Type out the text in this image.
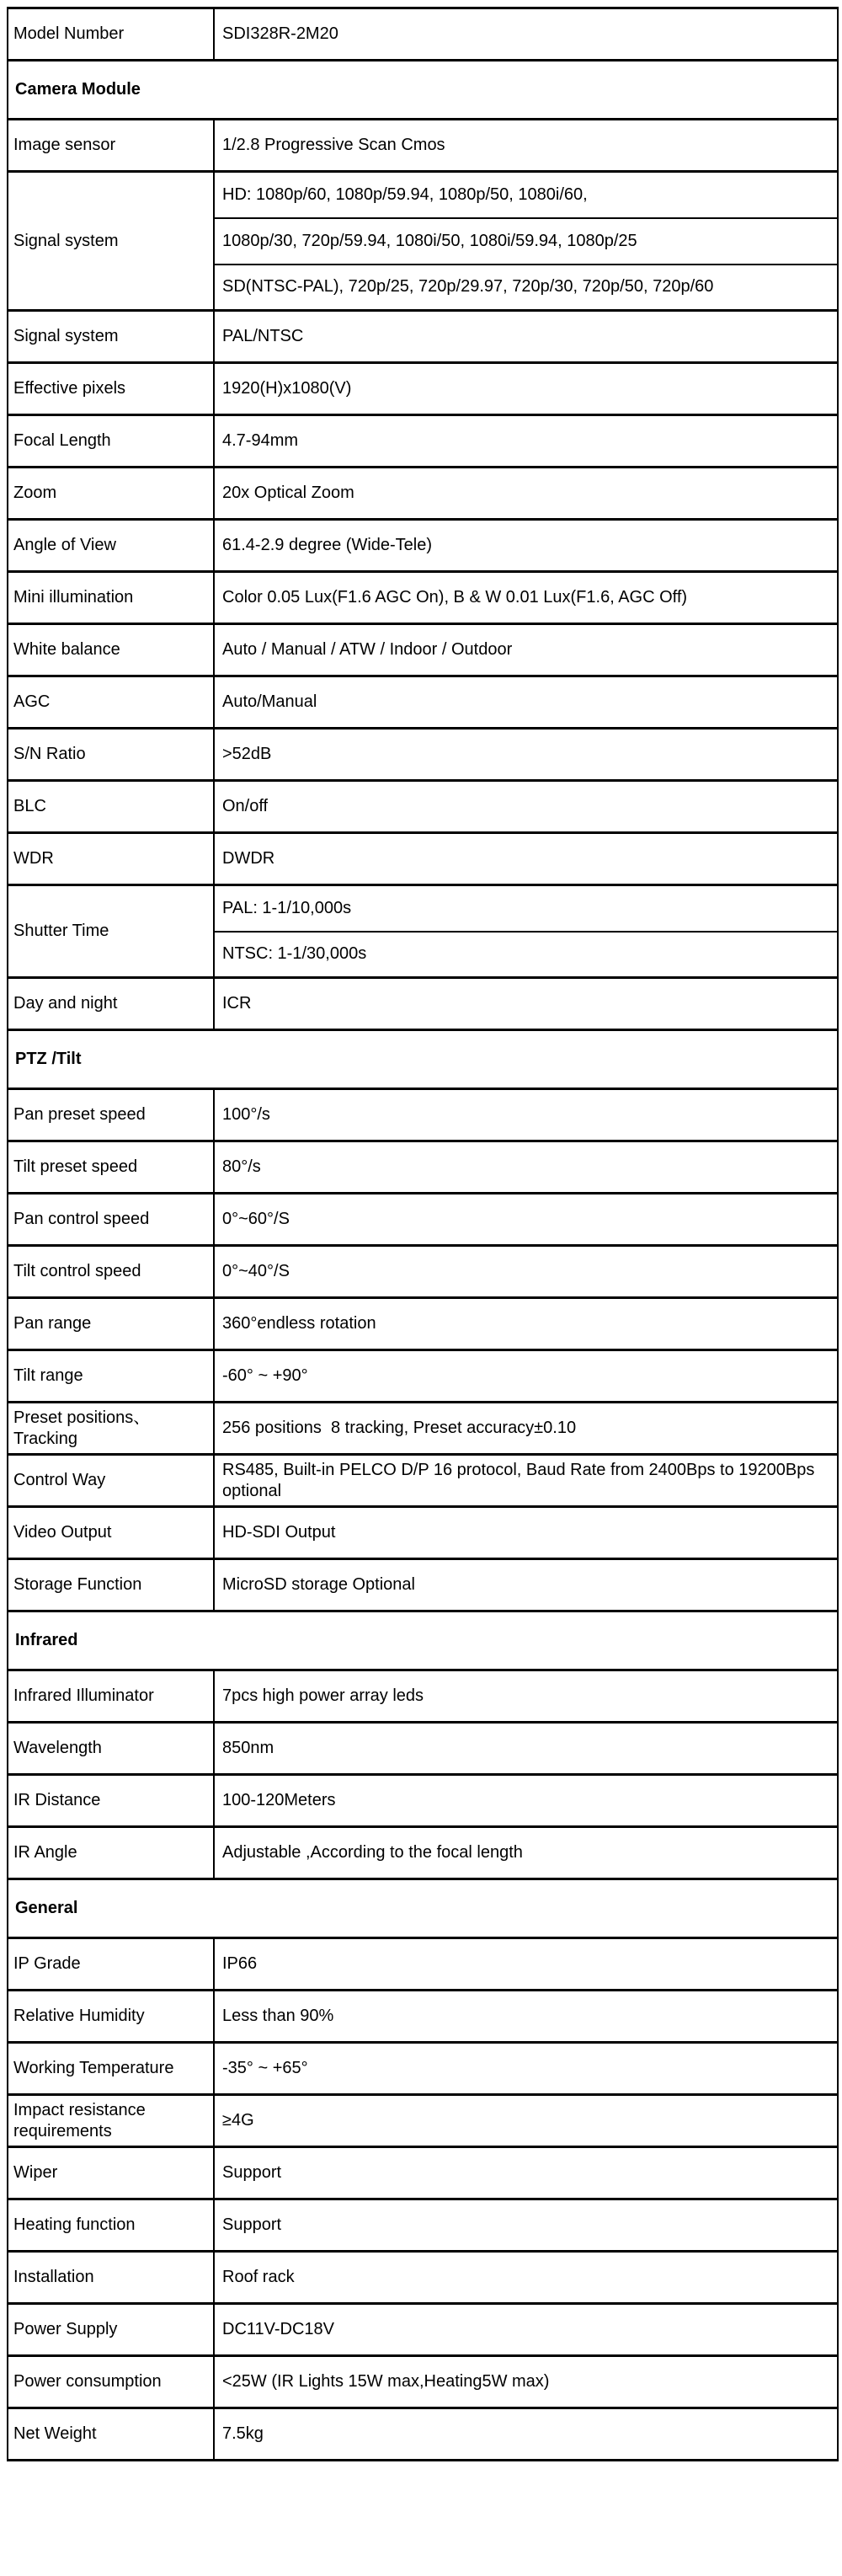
Model Number	SDI328R-2M20
Camera Module	
Image sensor	1/2.8 Progressive Scan Cmos
Signal system	HD: 1080p/60, 1080p/59.94, 1080p/50, 1080i/60,
	1080p/30, 720p/59.94, 1080i/50, 1080i/59.94, 1080p/25
	SD(NTSC-PAL), 720p/25, 720p/29.97, 720p/30, 720p/50, 720p/60
Signal system	PAL/NTSC
Effective pixels	1920(H)x1080(V)
Focal Length	4.7-94mm
Zoom	20x Optical Zoom
Angle of View	61.4-2.9 degree (Wide-Tele)
Mini illumination	Color 0.05 Lux(F1.6 AGC On), B & W 0.01 Lux(F1.6, AGC Off)
White balance	Auto / Manual / ATW / Indoor / Outdoor
AGC	Auto/Manual
S/N Ratio	>52dB
BLC	On/off
WDR	DWDR
Shutter Time	PAL: 1-1/10,000s
	NTSC: 1-1/30,000s
Day and night	ICR
PTZ /Tilt	
Pan preset speed	100°/s
Tilt preset speed	80°/s
Pan control speed	0°~60°/S
Tilt control speed	0°~40°/S
Pan range	360°endless rotation
Tilt range	-60° ~ +90°
Preset positions、Tracking	256 positions  8 tracking, Preset accuracy±0.10
Control Way	RS485, Built-in PELCO D/P 16 protocol, Baud Rate from 2400Bps to 19200Bps optional
Video Output	HD-SDI Output
Storage Function	MicroSD storage Optional
Infrared	
Infrared Illuminator	7pcs high power array leds
Wavelength	850nm
IR Distance	100-120Meters
IR Angle	Adjustable ,According to the focal length
General	
IP Grade	IP66
Relative Humidity	Less than 90%
Working Temperature	-35° ~ +65°
Impact resistance requirements	≥4G
Wiper	Support
Heating function	Support
Installation	Roof rack
Power Supply	DC11V-DC18V
Power consumption	<25W (IR Lights 15W max,Heating5W max)
Net Weight	7.5kg
